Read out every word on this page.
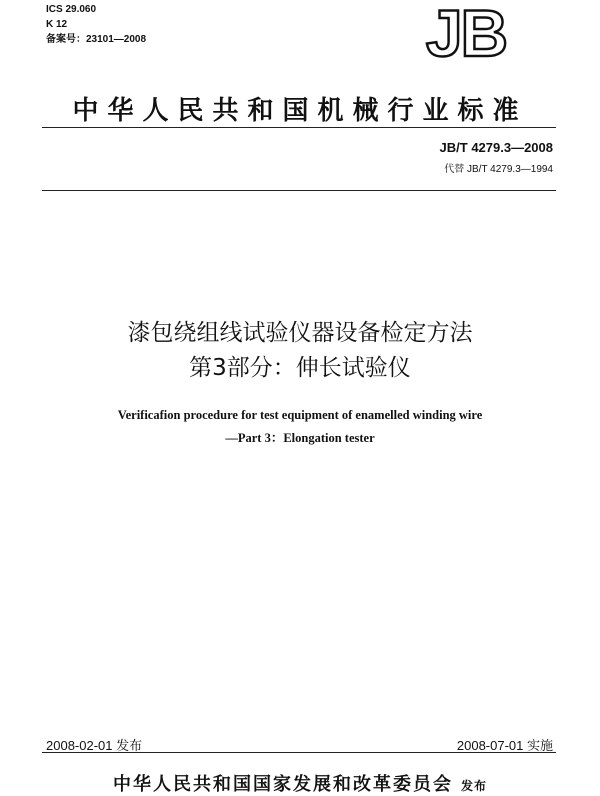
ICS 29.060
K 12
备案号：23101—2008	JB
中华人民共和国机械行业标准
JB/T 4279.3—2008
代替 JB/T 4279.3—1994
漆包绕组线试验仪器设备检定方法
第3部分：伸长试验仪
Verificafion procedure for test equipment of enamelled winding wire
—Part 3：Elongation tester
2008-02-01 发布	2008-07-01 实施
中华人民共和国国家发展和改革委员会 发布
